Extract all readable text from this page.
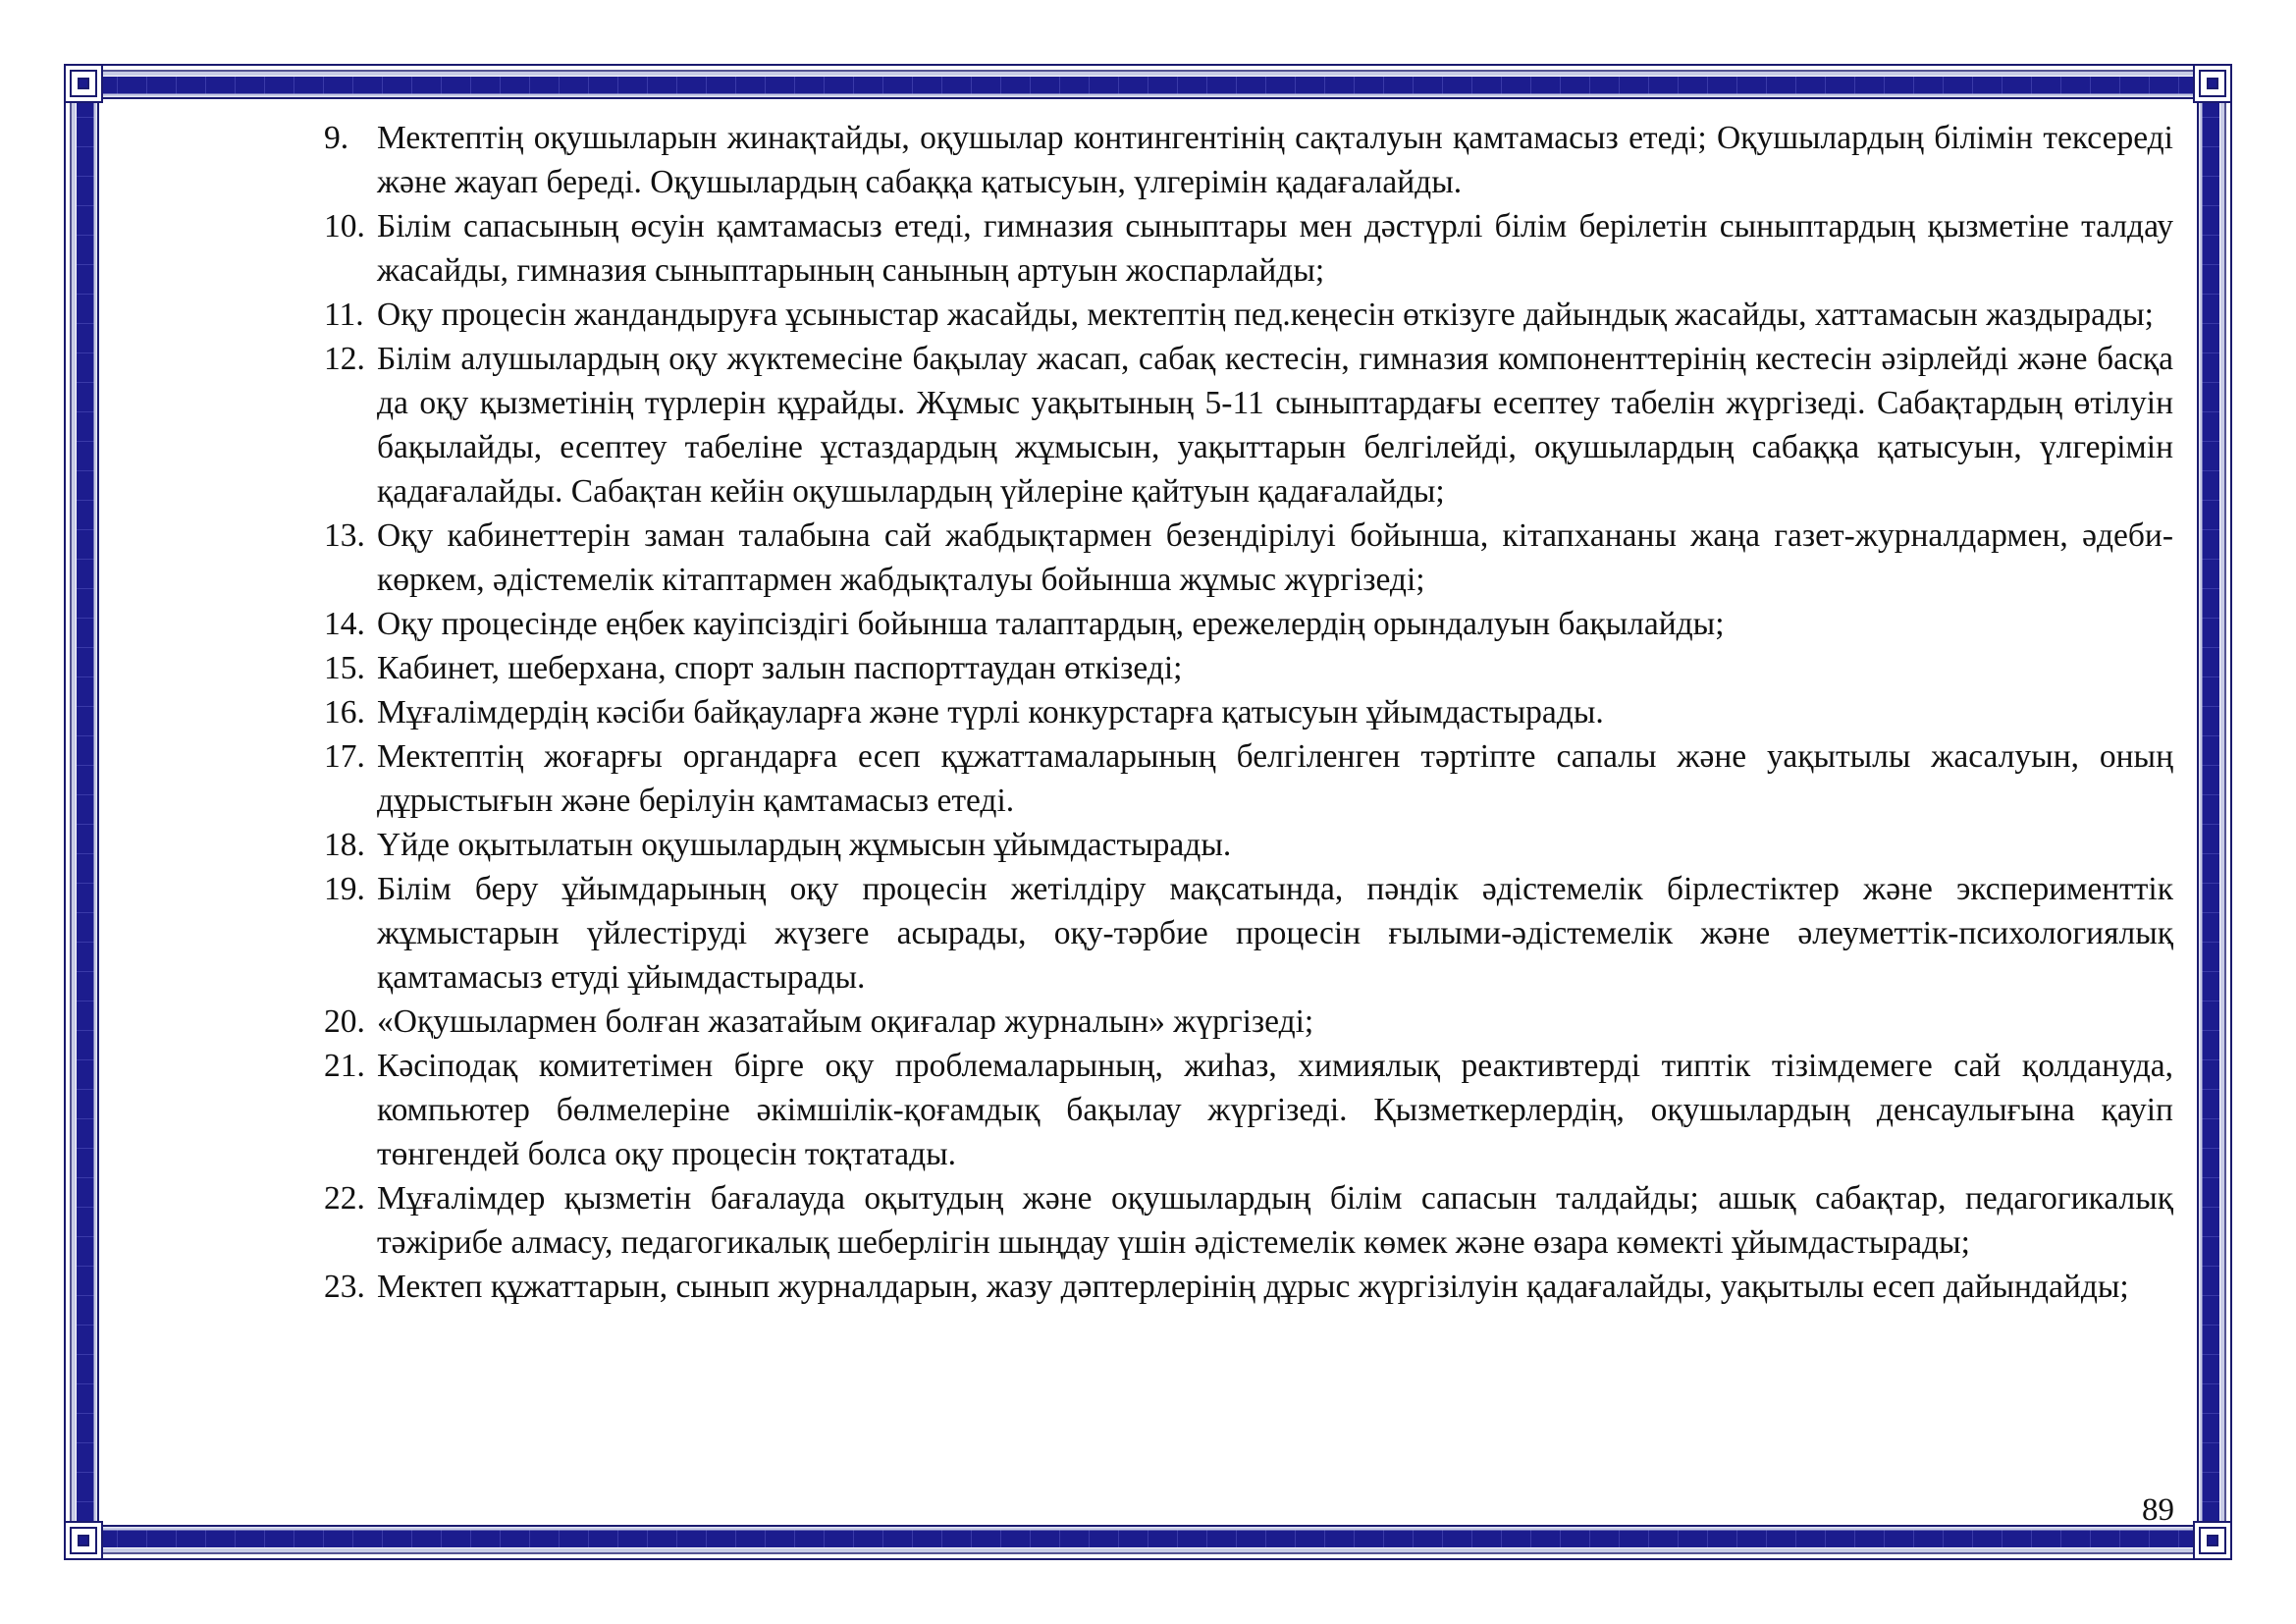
9. Мектептің оқушыларын жинақтайды, оқушылар контингентінің сақталуын қамтамасыз етеді; Оқушылардың білімін тексереді және жауап береді. Оқушылардың сабаққа қатысуын, үлгерімін қадағалайды.
10. Білім сапасының өсуін қамтамасыз етеді, гимназия сыныптары мен дәстүрлі білім берілетін сыныптардың қызметіне талдау жасайды, гимназия сыныптарының санының артуын жоспарлайды;
11. Оқу процесін жандандыруға ұсыныстар жасайды, мектептің пед.кеңесін өткізуге дайындық жасайды, хаттамасын жаздырады;
12. Білім алушылардың оқу жүктемесіне бақылау жасап, сабақ кестесін, гимназия компоненттерінің кестесін әзірлейді және басқа да оқу қызметінің түрлерін құрайды. Жұмыс уақытының 5-11 сыныптардағы есептеу табелін жүргізеді. Сабақтардың өтілуін бақылайды, есептеу табеліне ұстаздардың жұмысын, уақыттарын белгілейді, оқушылардың сабаққа қатысуын, үлгерімін қадағалайды. Сабақтан кейін оқушылардың үйлеріне қайтуын қадағалайды;
13. Оқу кабинеттерін заман талабына сай жабдықтармен безендірілуі бойынша, кітапхананы жаңа газет-журналдармен, әдеби- көркем, әдістемелік кітаптармен жабдықталуы бойынша жұмыс жүргізеді;
14. Оқу процесінде еңбек кауіпсіздігі бойынша талаптардың, ережелердің орындалуын бақылайды;
15. Кабинет, шеберхана, спорт залын паспорттаудан өткізеді;
16. Мұғалімдердің кәсіби байқауларға және түрлі конкурстарға қатысуын ұйымдастырады.
17. Мектептің жоғарғы органдарға есеп құжаттамаларының белгіленген тәртіпте сапалы және уақытылы жасалуын, оның дұрыстығын және берілуін қамтамасыз етеді.
18. Үйде оқытылатын оқушылардың жұмысын ұйымдастырады.
19. Білім беру ұйымдарының оқу процесін жетілдіру мақсатында, пәндік әдістемелік бірлестіктер және эксперименттік жұмыстарын үйлестіруді жүзеге асырады, оқу-тәрбие процесін ғылыми-әдістемелік және әлеуметтік-психологиялық қамтамасыз етуді ұйымдастырады.
20. «Оқушылармен болған жазатайым оқиғалар журналын» жүргізеді;
21. Кәсіподақ комитетімен бірге оқу проблемаларының, жиһаз, химиялық реактивтерді типтік тізімдемеге сай қолдануда, компьютер бөлмелеріне әкімшілік-қоғамдық бақылау жүргізеді. Қызметкерлердің, оқушылардың денсаулығына қауіп төнгендей болса оқу процесін тоқтатады.
22. Мұғалімдер қызметін бағалауда оқытудың және оқушылардың білім сапасын талдайды; ашық сабақтар, педагогикалық тәжірибе алмасу, педагогикалық шеберлігін шыңдау үшін әдістемелік көмек және өзара көмекті ұйымдастырады;
23. Мектеп құжаттарын, сынып журналдарын, жазу дәптерлерінің дұрыс жүргізілуін қадағалайды, уақытылы есеп дайындайды;
89
